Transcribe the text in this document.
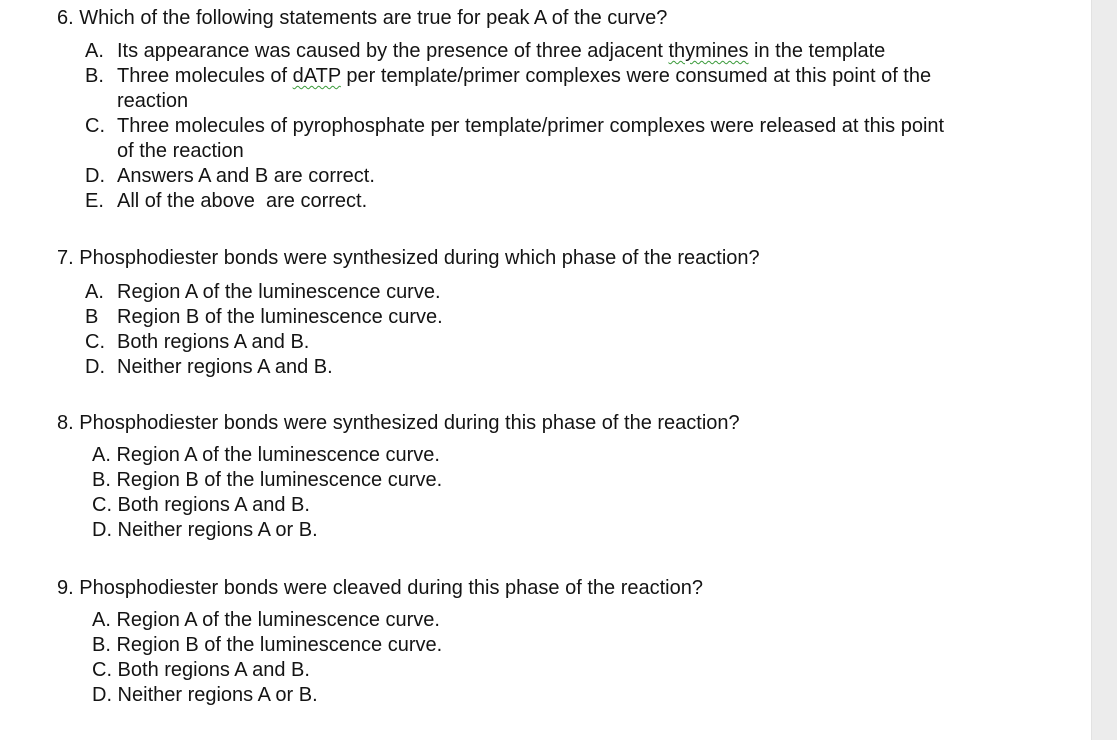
6. Which of the following statements are true for peak A of the curve?
A. Its appearance was caused by the presence of three adjacent thymines in the template
B. Three molecules of dATP per template/primer complexes were consumed at this point of the
reaction
C. Three molecules of pyrophosphate per template/primer complexes were released at this point
of the reaction
D. Answers A and B are correct.
E. All of the above  are correct.
7. Phosphodiester bonds were synthesized during which phase of the reaction?
A. Region A of the luminescence curve.
B Region B of the luminescence curve.
C. Both regions A and B.
D. Neither regions A and B.
8. Phosphodiester bonds were synthesized during this phase of the reaction?
A. Region A of the luminescence curve.
B. Region B of the luminescence curve.
C. Both regions A and B.
D. Neither regions A or B.
9. Phosphodiester bonds were cleaved during this phase of the reaction?
A. Region A of the luminescence curve.
B. Region B of the luminescence curve.
C. Both regions A and B.
D. Neither regions A or B.
